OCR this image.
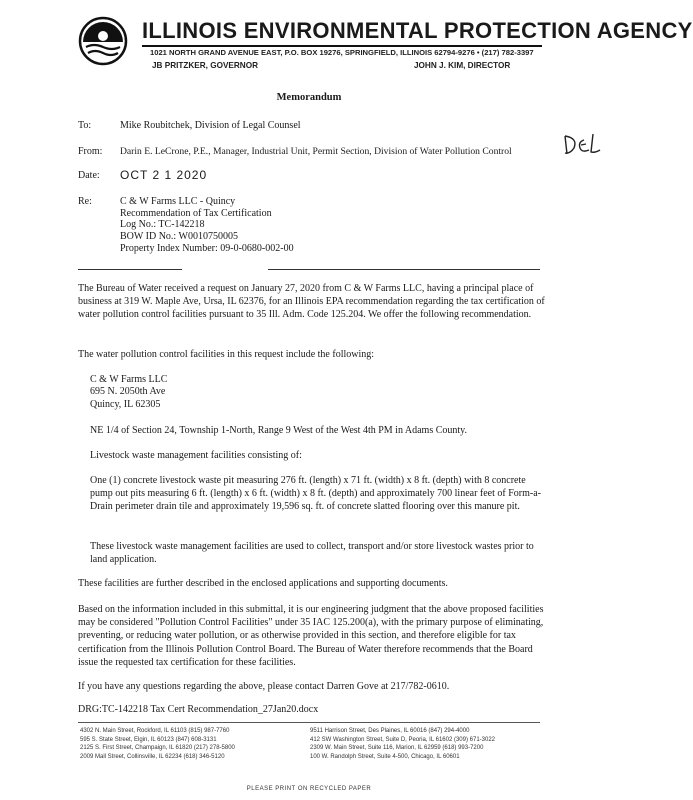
ILLINOIS ENVIRONMENTAL PROTECTION AGENCY
1021 NORTH GRAND AVENUE EAST, P.O. BOX 19276, SPRINGFIELD, ILLINOIS 62794-9276 • (217) 782-3397
JB PRITZKER, GOVERNOR	JOHN J. KIM, DIRECTOR
Memorandum
To:	Mike Roubitchek, Division of Legal Counsel
From: Darin E. LeCrone, P.E., Manager, Industrial Unit, Permit Section, Division of Water Pollution Control
Date: OCT 2 1 2020
Re:	C & W Farms LLC - Quincy
Recommendation of Tax Certification
Log No.: TC-142218
BOW ID No.: W0010750005
Property Index Number: 09-0-0680-002-00
The Bureau of Water received a request on January 27, 2020 from C & W Farms LLC, having a principal place of business at 319 W. Maple Ave, Ursa, IL 62376, for an Illinois EPA recommendation regarding the tax certification of water pollution control facilities pursuant to 35 Ill. Adm. Code 125.204. We offer the following recommendation.
The water pollution control facilities in this request include the following:
C & W Farms LLC
695 N. 2050th Ave
Quincy, IL 62305
NE 1/4 of Section 24, Township 1-North, Range 9 West of the West 4th PM in Adams County.
Livestock waste management facilities consisting of:
One (1) concrete livestock waste pit measuring 276 ft. (length) x 71 ft. (width) x 8 ft. (depth) with 8 concrete pump out pits measuring 6 ft. (length) x 6 ft. (width) x 8 ft. (depth) and approximately 700 linear feet of Form-a-Drain perimeter drain tile and approximately 19,596 sq. ft. of concrete slatted flooring over this manure pit.
These livestock waste management facilities are used to collect, transport and/or store livestock wastes prior to land application.
These facilities are further described in the enclosed applications and supporting documents.
Based on the information included in this submittal, it is our engineering judgment that the above proposed facilities may be considered "Pollution Control Facilities" under 35 IAC 125.200(a), with the primary purpose of eliminating, preventing, or reducing water pollution, or as otherwise provided in this section, and therefore eligible for tax certification from the Illinois Pollution Control Board. The Bureau of Water therefore recommends that the Board issue the requested tax certification for these facilities.
If you have any questions regarding the above, please contact Darren Gove at 217/782-0610.
DRG:TC-142218 Tax Cert Recommendation_27Jan20.docx
4302 N. Main Street, Rockford, IL 61103 (815) 987-7760
595 S. State Street, Elgin, IL 60123 (847) 608-3131
2125 S. First Street, Champaign, IL 61820 (217) 278-5800
2009 Mall Street, Collinsville, IL 62234 (618) 346-5120
9511 Harrison Street, Des Plaines, IL 60016 (847) 294-4000
412 SW Washington Street, Suite D, Peoria, IL 61602 (309) 671-3022
2309 W. Main Street, Suite 116, Marion, IL 62959 (618) 993-7200
100 W. Randolph Street, Suite 4-500, Chicago, IL 60601
PLEASE PRINT ON RECYCLED PAPER
